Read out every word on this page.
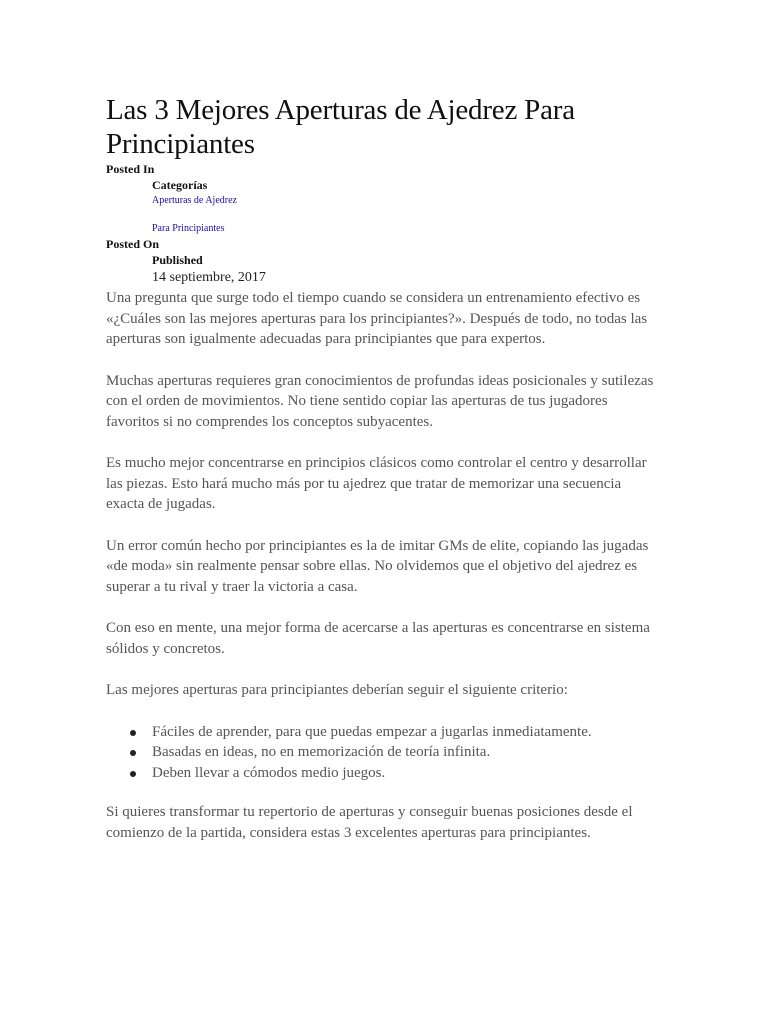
Las 3 Mejores Aperturas de Ajedrez Para Principiantes
Posted In
Categorías
Aperturas de Ajedrez
Para Principiantes
Posted On
Published
14 septiembre, 2017

Una pregunta que surge todo el tiempo cuando se considera un entrenamiento efectivo es «¿Cuáles son las mejores aperturas para los principiantes?». Después de todo, no todas las aperturas son igualmente adecuadas para principiantes que para expertos.

Muchas aperturas requieres gran conocimientos de profundas ideas posicionales y sutilezas con el orden de movimientos. No tiene sentido copiar las aperturas de tus jugadores favoritos si no comprendes los conceptos subyacentes.

Es mucho mejor concentrarse en principios clásicos como controlar el centro y desarrollar las piezas. Esto hará mucho más por tu ajedrez que tratar de memorizar una secuencia exacta de jugadas.

Un error común hecho por principiantes es la de imitar GMs de elite, copiando las jugadas «de moda» sin realmente pensar sobre ellas. No olvidemos que el objetivo del ajedrez es superar a tu rival y traer la victoria a casa.

Con eso en mente, una mejor forma de acercarse a las aperturas es concentrarse en sistema sólidos y concretos.

Las mejores aperturas para principiantes deberían seguir el siguiente criterio:

Fáciles de aprender, para que puedas empezar a jugarlas inmediatamente.
Basadas en ideas, no en memorización de teoría infinita.
Deben llevar a cómodos medio juegos.

Si quieres transformar tu repertorio de aperturas y conseguir buenas posiciones desde el comienzo de la partida, considera estas 3 excelentes aperturas para principiantes.
